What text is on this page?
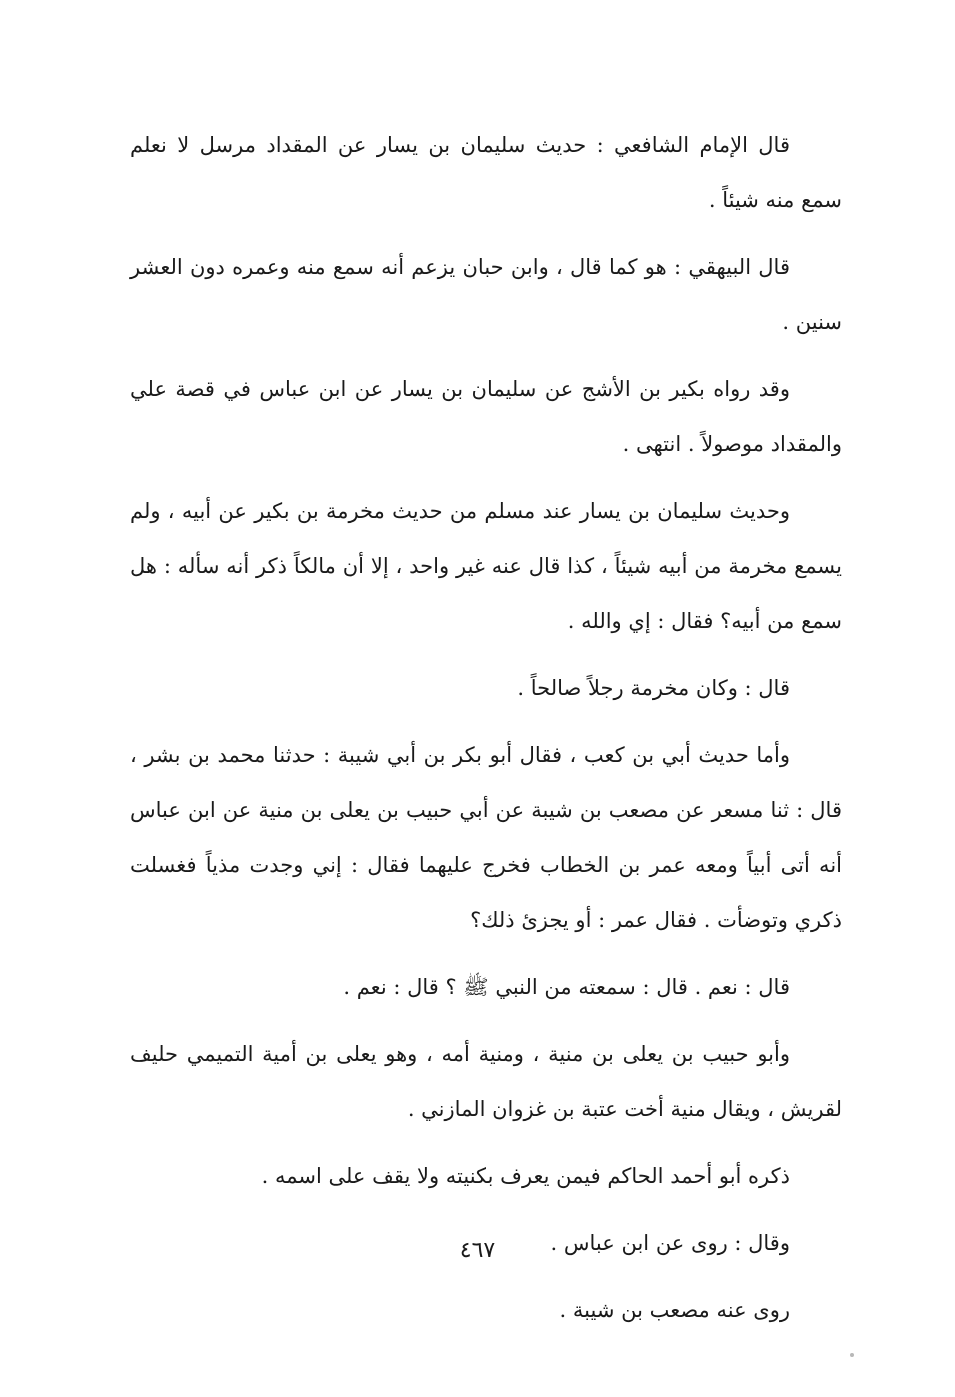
قال الإمام الشافعي : حديث سليمان بن يسار عن المقداد مرسل لا نعلم سمع منه شيئاً .

قال البيهقي : هو كما قال ، وابن حبان يزعم أنه سمع منه وعمره دون العشر سنين .

وقد رواه بكير بن الأشج عن سليمان بن يسار عن ابن عباس في قصة علي والمقداد موصولاً . انتهى .

وحديث سليمان بن يسار عند مسلم من حديث مخرمة بن بكير عن أبيه ، ولم يسمع مخرمة من أبيه شيئاً ، كذا قال عنه غير واحد ، إلا أن مالكاً ذكر أنه سأله : هل سمع من أبيه؟ فقال : إي والله .

قال : وكان مخرمة رجلاً صالحاً .

وأما حديث أبي بن كعب ، فقال أبو بكر بن أبي شيبة : حدثنا محمد بن بشر ، قال : ثنا مسعر عن مصعب بن شيبة عن أبي حبيب بن يعلى بن منية عن ابن عباس أنه أتى أبياً ومعه عمر بن الخطاب فخرج عليهما فقال : إني وجدت مذياً فغسلت ذكري وتوضأت . فقال عمر : أو يجزئ ذلك؟

قال : نعم . قال : سمعته من النبي ﷺ ؟ قال : نعم .

وأبو حبيب بن يعلى بن منية ، ومنية أمه ، وهو يعلى بن أمية التميمي حليف لقريش ، ويقال منية أخت عتبة بن غزوان المازني .

ذكره أبو أحمد الحاكم فيمن يعرف بكنيته ولا يقف على اسمه .

وقال : روى عن ابن عباس .

روى عنه مصعب بن شيبة .

٤٦٧
